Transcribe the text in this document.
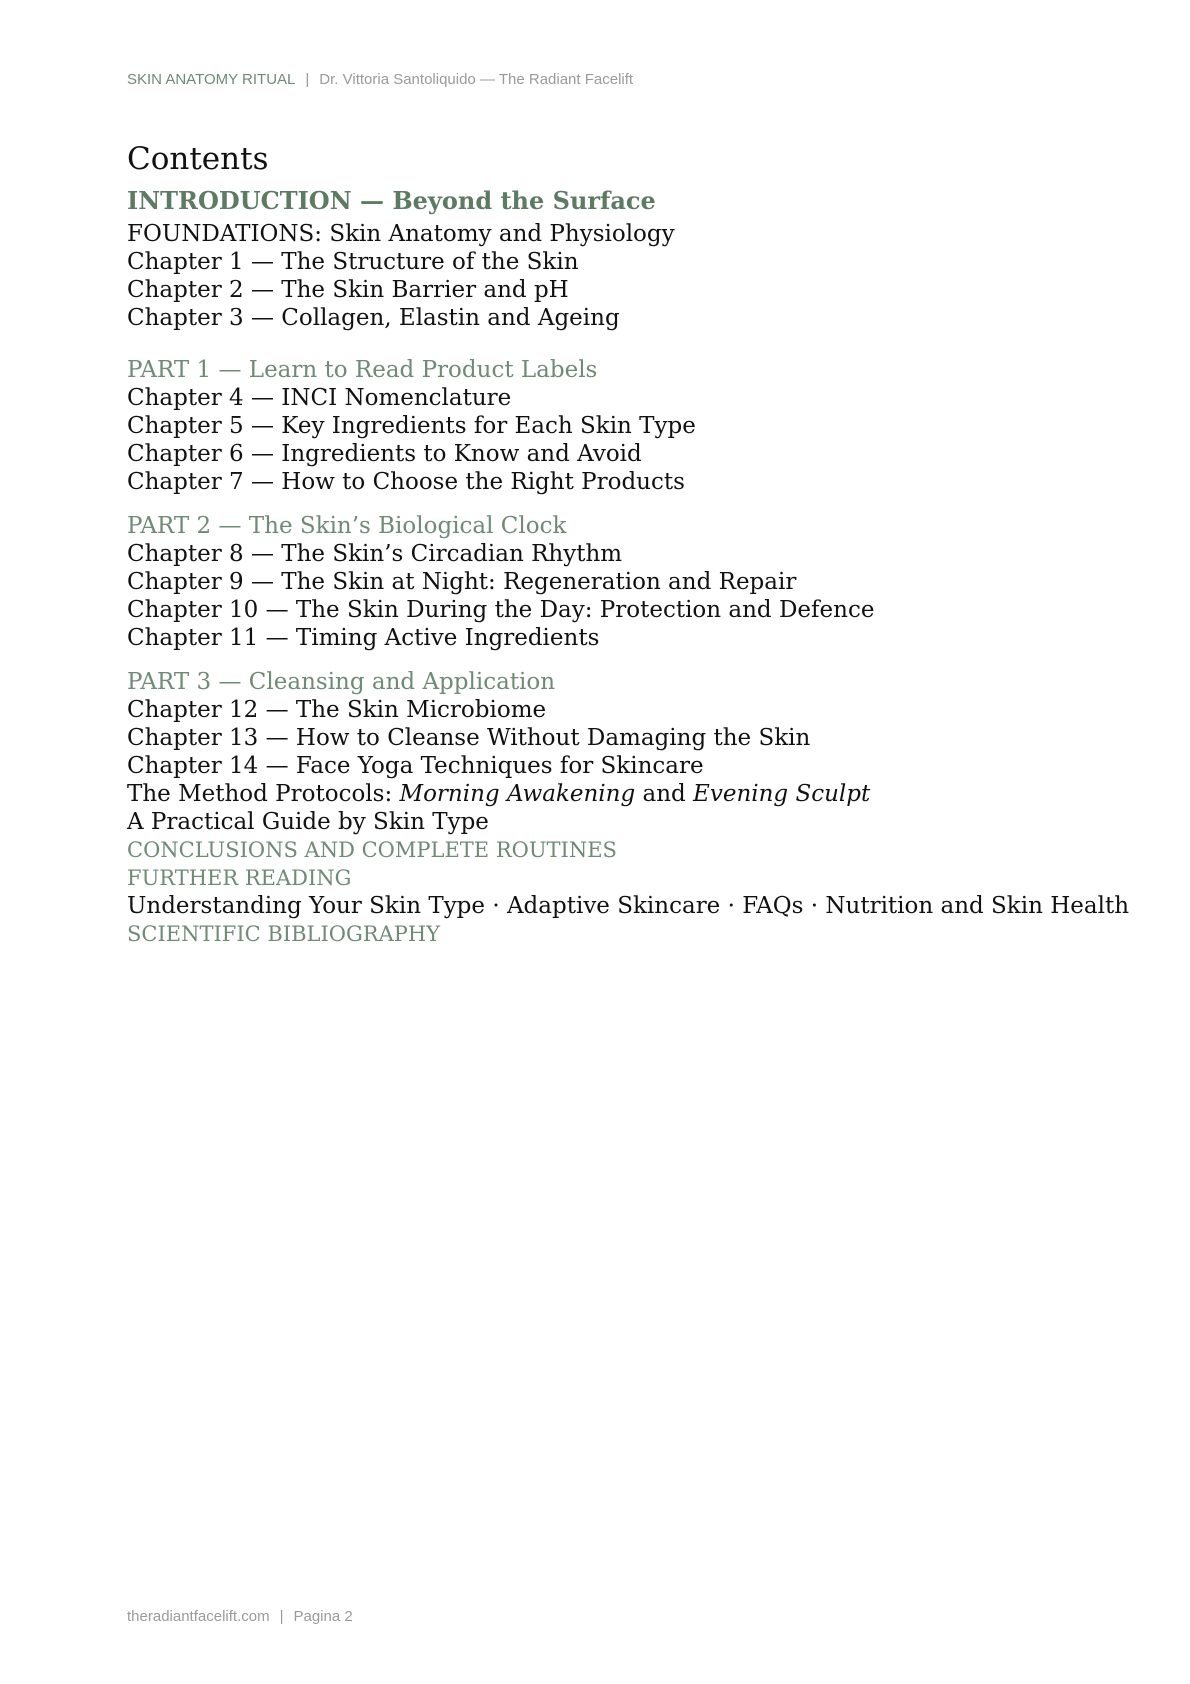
SKIN ANATOMY RITUAL | Dr. Vittoria Santoliquido — The Radiant Facelift
Contents

INTRODUCTION — Beyond the Surface

FOUNDATIONS: Skin Anatomy and Physiology

Chapter 1 — The Structure of the Skin

Chapter 2 — The Skin Barrier and pH

Chapter 3 — Collagen, Elastin and Ageing

PART 1 — Learn to Read Product Labels

Chapter 4 — INCI Nomenclature

Chapter 5 — Key Ingredients for Each Skin Type

Chapter 6 — Ingredients to Know and Avoid

Chapter 7 — How to Choose the Right Products

PART 2 — The Skin’s Biological Clock

Chapter 8 — The Skin’s Circadian Rhythm

Chapter 9 — The Skin at Night: Regeneration and Repair

Chapter 10 — The Skin During the Day: Protection and Defence

Chapter 11 — Timing Active Ingredients

PART 3 — Cleansing and Application

Chapter 12 — The Skin Microbiome

Chapter 13 — How to Cleanse Without Damaging the Skin

Chapter 14 — Face Yoga Techniques for Skincare

The Method Protocols: Morning Awakening and Evening Sculpt

A Practical Guide by Skin Type

CONCLUSIONS AND COMPLETE ROUTINES

FURTHER READING

Understanding Your Skin Type · Adaptive Skincare · FAQs · Nutrition and Skin Health

SCIENTIFIC BIBLIOGRAPHY

theradiantfacelift.com | Pagina 2
